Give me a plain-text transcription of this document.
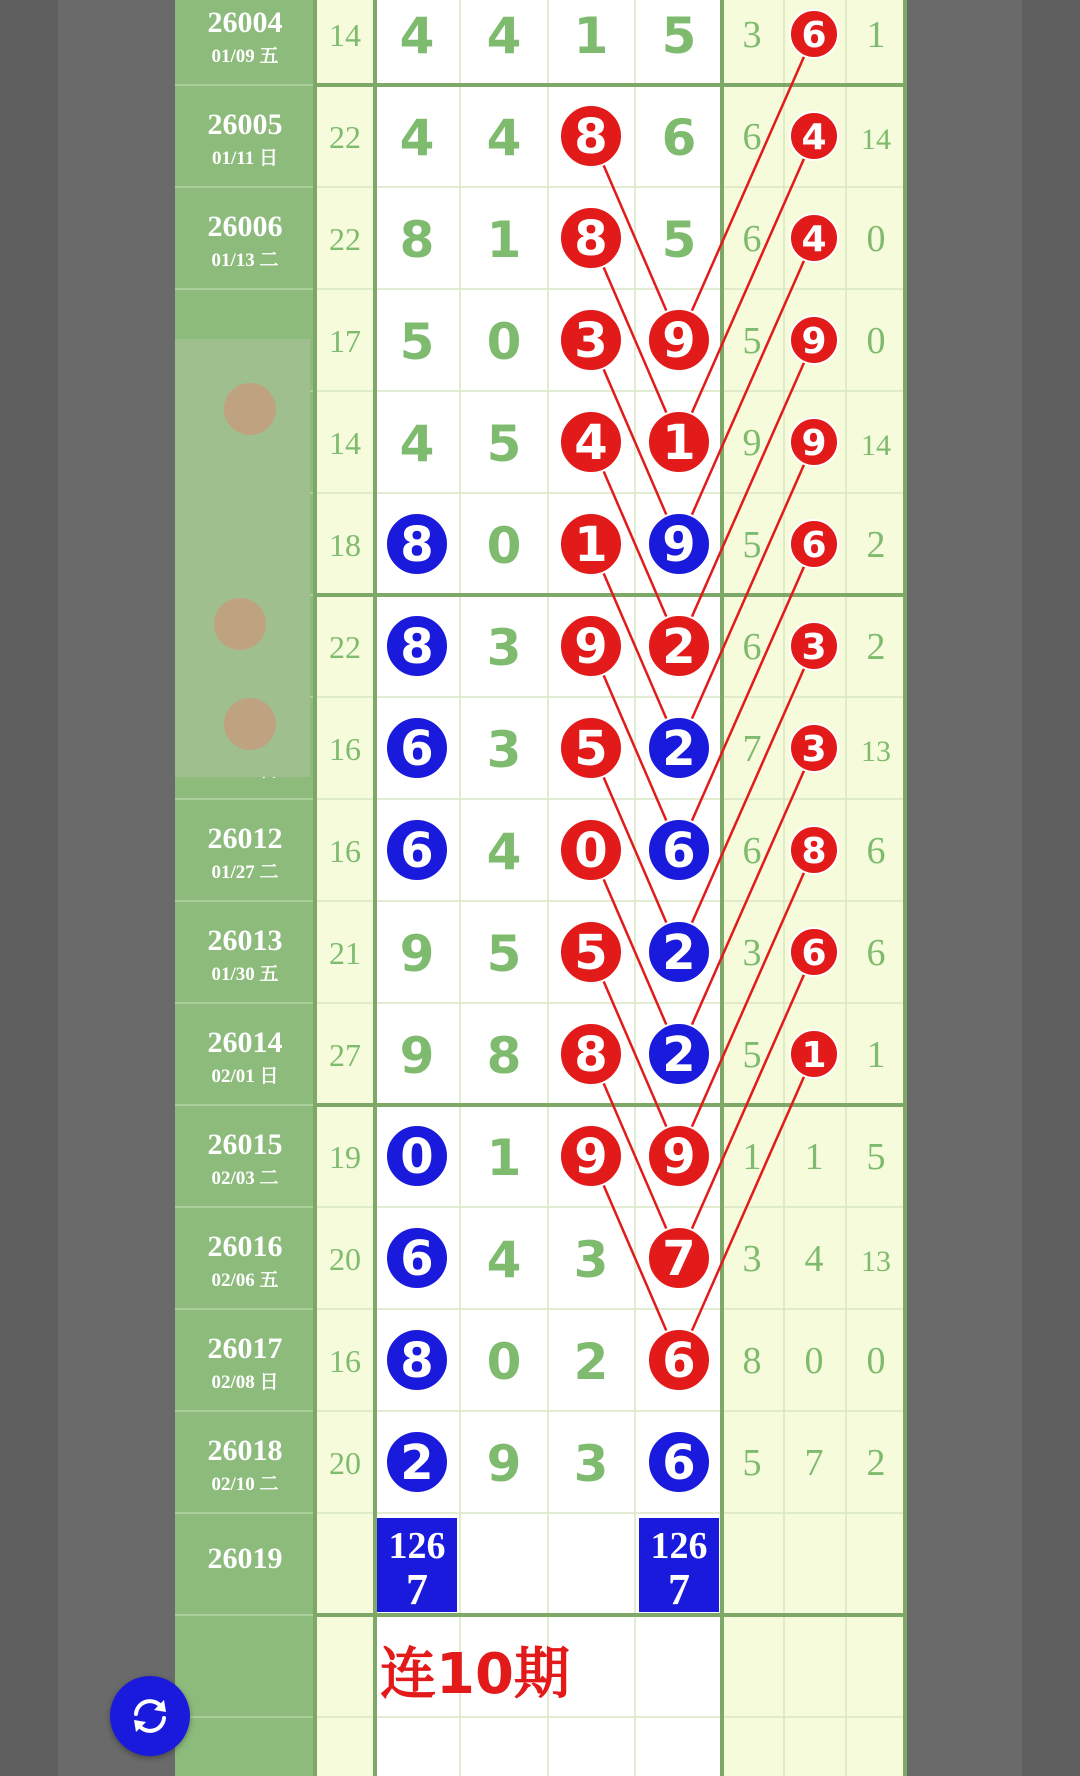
26004
01/09 五
14 4 4 1 5 3 6 1
26005
01/11 日
22 4 4 8 6 6 4 14
26006
01/13 二
22 8 1 8 5 6 4 0
17 5 0 3 9 5 9 0
14 4 5 4 1 9 9 14
18 8 0 1 9 5 6 2
22 8 3 9 2 6 3 2
16 6 3 5 2 7 3 13
26012
01/27 二
16 6 4 0 6 6 8 6
26013
01/30 五
21 9 5 5 2 3 6 6
26014
02/01 日
27 9 8 8 2 5 1 1
26015
02/03 二
19 0 1 9 9 1 1 5
26016
02/06 五
20 6 4 3 7 3 4 13
26017
02/08 日
16 8 0 2 6 8 0 0
26018
02/10 二
20 2 9 3 6 5 7 2
26019	126
7
126
7
连10期
